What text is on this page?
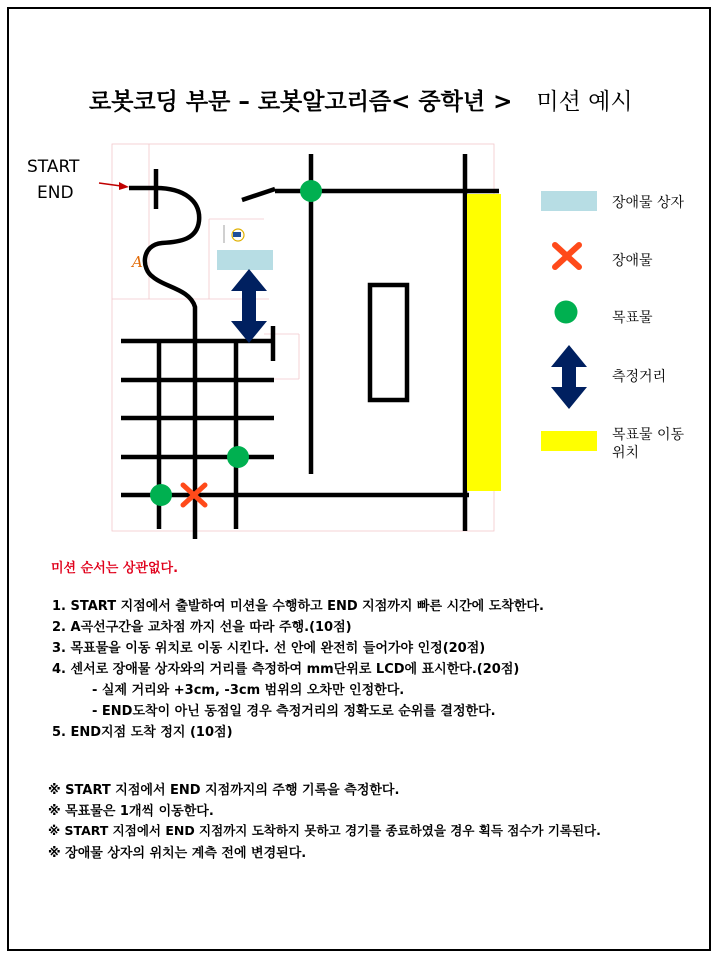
로봇코딩 부문 – 로봇알고리즘< 중학년 > 미션 예시
START
END
A
장애물 상자
장애물
목표물
측정거리
목표물 이동
위치
미션 순서는 상관없다.
1. START 지점에서 출발하여 미션을 수행하고 END 지점까지 빠른 시간에 도착한다.
2. A곡선구간을 교차점 까지 선을 따라 주행.(10점)
3. 목표물을 이동 위치로 이동 시킨다. 선 안에 완전히 들어가야 인정(20점)
4. 센서로 장애물 상자와의 거리를 측정하여 mm단위로 LCD에 표시한다.(20점)
- 실제 거리와 +3cm, -3cm 범위의 오차만 인정한다.
- END도착이 아닌 동점일 경우 측정거리의 정확도로 순위를 결정한다.
5. END지점 도착 정지 (10점)
※ START 지점에서 END 지점까지의 주행 기록을 측정한다.
※ 목표물은 1개씩 이동한다.
※ START 지점에서 END 지점까지 도착하지 못하고 경기를 종료하였을 경우 획득 점수가 기록된다.
※ 장애물 상자의 위치는 계측 전에 변경된다.
